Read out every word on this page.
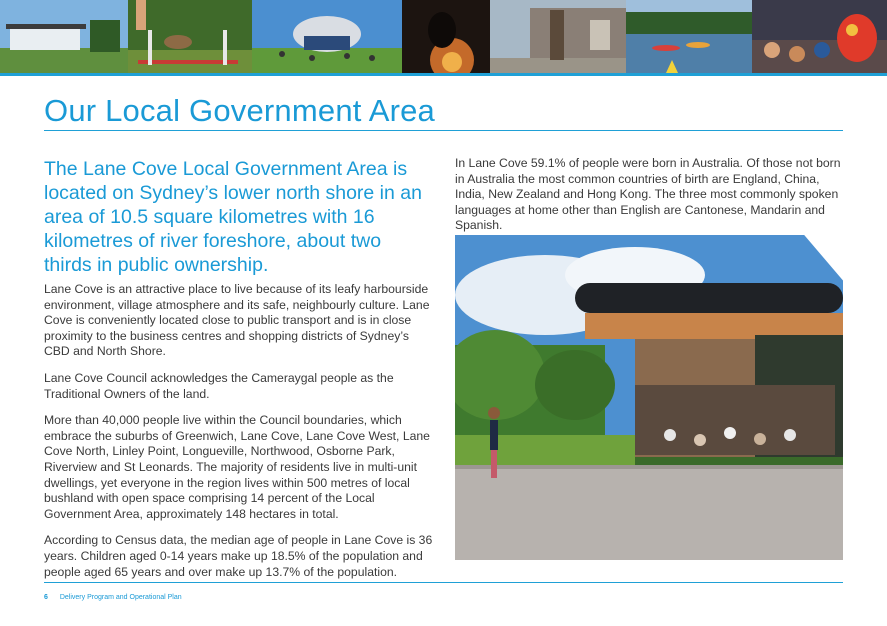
Our Local Government Area

The Lane Cove Local Government Area is located on Sydney’s lower north shore in an area of 10.5 square kilometres with 16 kilometres of river foreshore, about two thirds in public ownership.

Lane Cove is an attractive place to live because of its leafy harbourside environment, village atmosphere and its safe, neighbourly culture. Lane Cove is conveniently located close to public transport and is in close proximity to the business centres and shopping districts of Sydney’s CBD and North Shore.

Lane Cove Council acknowledges the Cameraygal people as the Traditional Owners of the land.

More than 40,000 people live within the Council boundaries, which embrace the suburbs of Greenwich, Lane Cove, Lane Cove West, Lane Cove North, Linley Point, Longueville, Northwood, Osborne Park, Riverview and St Leonards. The majority of residents live in multi-unit dwellings, yet everyone in the region lives within 500 metres of local bushland with open space comprising 14 percent of the Local Government Area, approximately 148 hectares in total.

According to Census data, the median age of people in Lane Cove is 36 years. Children aged 0-14 years make up 18.5% of the population and people aged 65 years and over make up 13.7% of the population.

In Lane Cove 59.1% of people were born in Australia. Of those not born in Australia the most common countries of birth are England, China, India, New Zealand and Hong Kong. The three most commonly spoken languages at home other than English are Cantonese, Mandarin and Spanish.

6 Delivery Program and Operational Plan
